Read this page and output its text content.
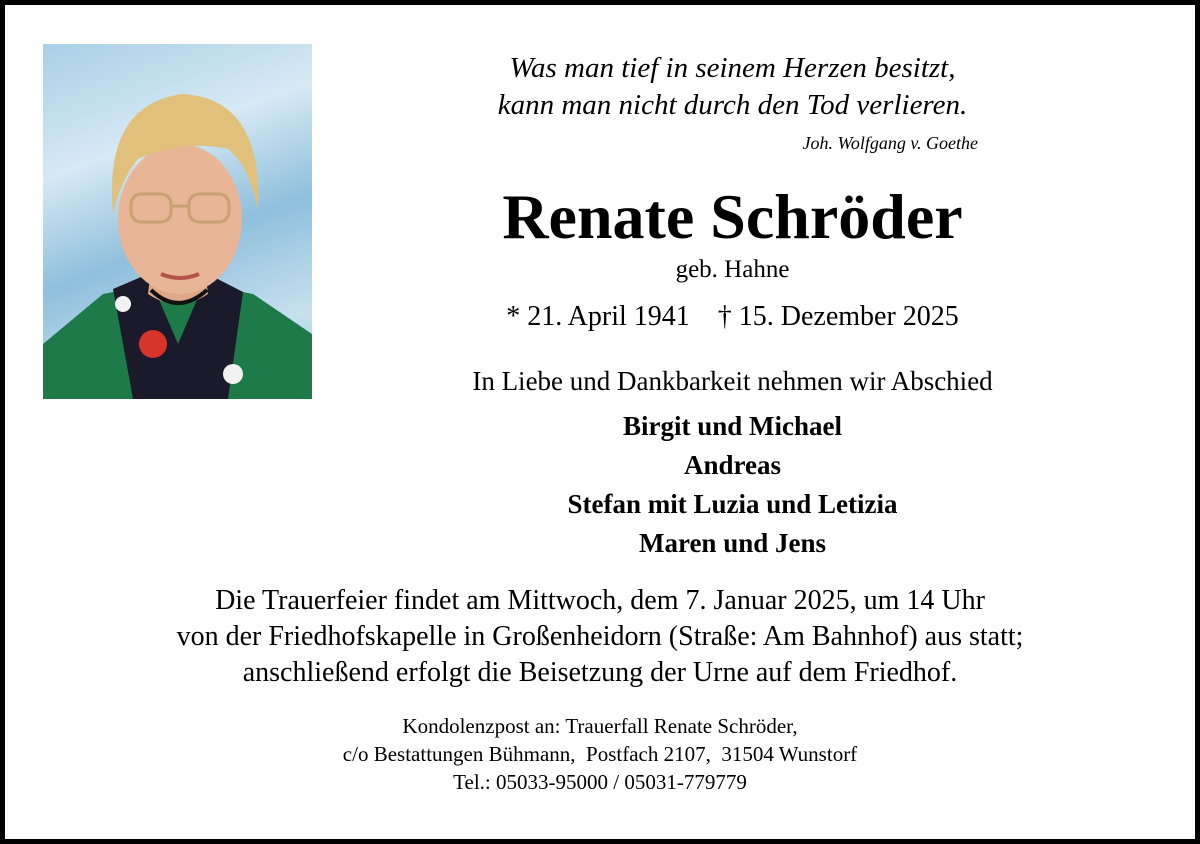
Was man tief in seinem Herzen besitzt,

kann man nicht durch den Tod verlieren.

Joh. Wolfgang v. Goethe
Renate Schröder
geb. Hahne
* 21. April 1941 † 15. Dezember 2025
In Liebe und Dankbarkeit nehmen wir Abschied
Birgit und Michael
Andreas
Stefan mit Luzia und Letizia
Maren und Jens
Die Trauerfeier findet am Mittwoch, dem 7. Januar 2025, um 14 Uhr
von der Friedhofskapelle in Großenheidorn (Straße: Am Bahnhof) aus statt;
anschließend erfolgt die Beisetzung der Urne auf dem Friedhof.
Kondolenzpost an: Trauerfall Renate Schröder,
c/o Bestattungen Bühmann,  Postfach 2107,  31504 Wunstorf
Tel.: 05033-95000 / 05031-779779
